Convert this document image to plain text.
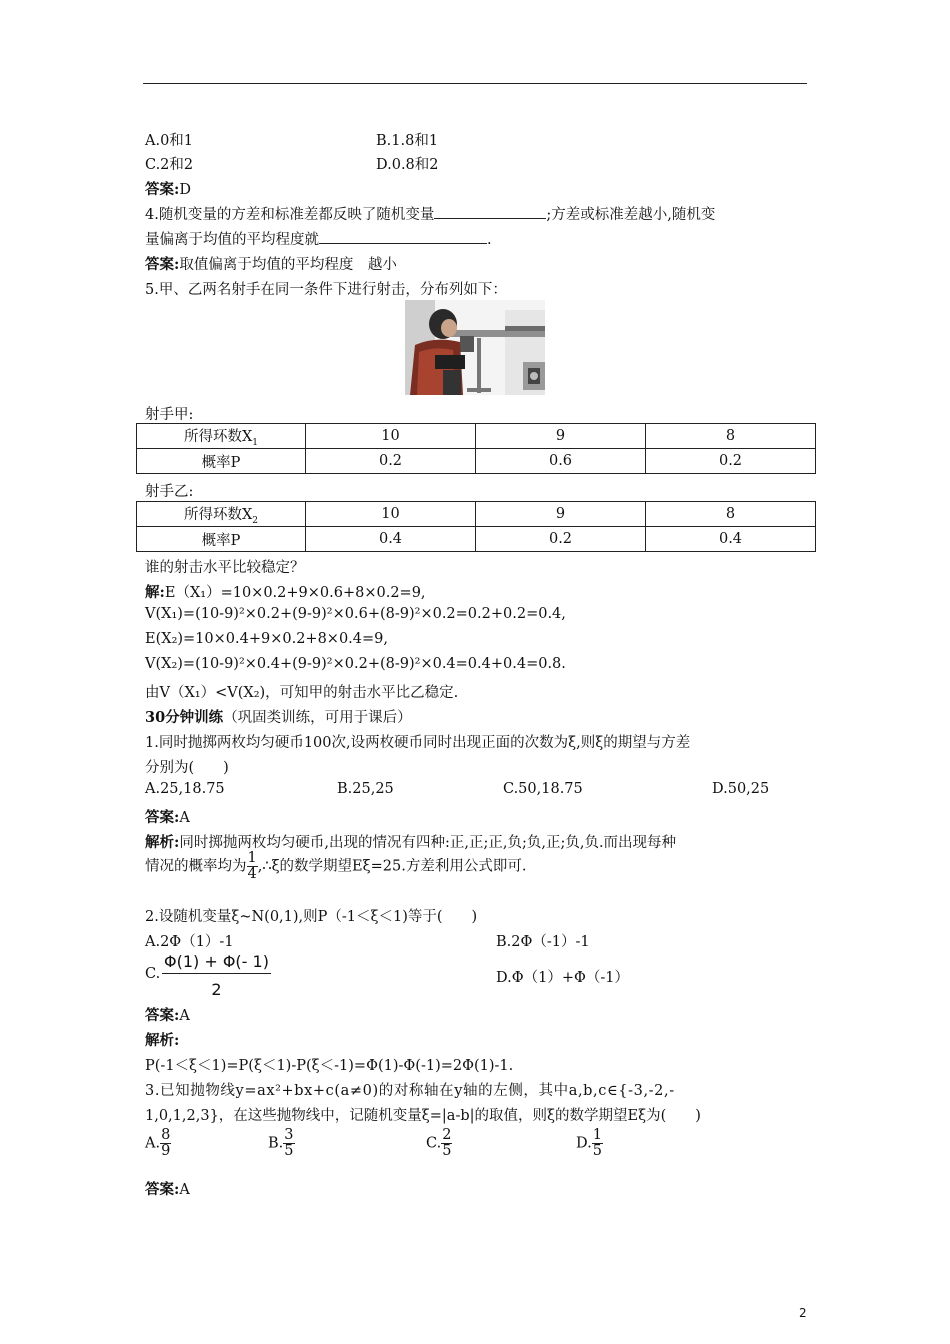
A.0和1	B.1.8和1
C.2和2	D.0.8和2
答案:D
4.随机变量的方差和标准差都反映了随机变量	;方差或标准差越小,随机变
量偏离于均值的平均程度就	.
答案:取值偏离于均值的平均程度　越小
5.甲、乙两名射手在同一条件下进行射击，分布列如下：
射手甲:
所得环数$X_1$	10	9	8
概率P	0.2	0.6	0.2
射手乙:
所得环数$X_2$	10	9	8
概率P	0.4	0.2	0.4
谁的射击水平比较稳定？
解:E（X₁）=10×0.2+9×0.6+8×0.2=9,
V(X₁)=(10-9)²×0.2+(9-9)²×0.6+(8-9)²×0.2=0.2+0.2=0.4,
E(X₂)=10×0.4+9×0.2+8×0.4=9,
V(X₂)=(10-9)²×0.4+(9-9)²×0.2+(8-9)²×0.4=0.4+0.4=0.8.
由V（X₁）<V(X₂)，可知甲的射击水平比乙稳定.
30分钟训练（巩固类训练，可用于课后）
1.同时抛掷两枚均匀硬币100次,设两枚硬币同时出现正面的次数为ξ,则ξ的期望与方差
分别为(　　)
A.25,18.75	B.25,25	C.50,18.75	D.50,25
答案:A
解析:同时掷抛两枚均匀硬币,出现的情况有四种:正,正;正,负;负,正;负,负.而出现每种
情况的概率均为 $\frac{1}{4}$ ,∴ξ的数学期望Eξ=25.方差利用公式即可.
2.设随机变量ξ~N(0,1),则P（-1＜ξ＜1)等于(　　)
A.2Φ（1）-1	B.2Φ（-1）-1
C. $\frac{\Phi(1) + \Phi(- 1)}{2}$	D.Φ（1）+Φ（-1）
答案:A
解析:
P(-1＜ξ＜1)=P(ξ＜1)-P(ξ＜-1)=Φ(1)-Φ(-1)=2Φ(1)-1.
3.已知抛物线y=ax²+bx+c(a≠0)的对称轴在y轴的左侧，其中a,b,c∈{-3,-2,-
1,0,1,2,3}，在这些抛物线中，记随机变量ξ=|a-b|的取值，则ξ的数学期望Eξ为(　　)
A. $\frac{8}{9}$	B. $\frac{3}{5}$	C. $\frac{2}{5}$	D. $\frac{1}{5}$
答案:A
2
